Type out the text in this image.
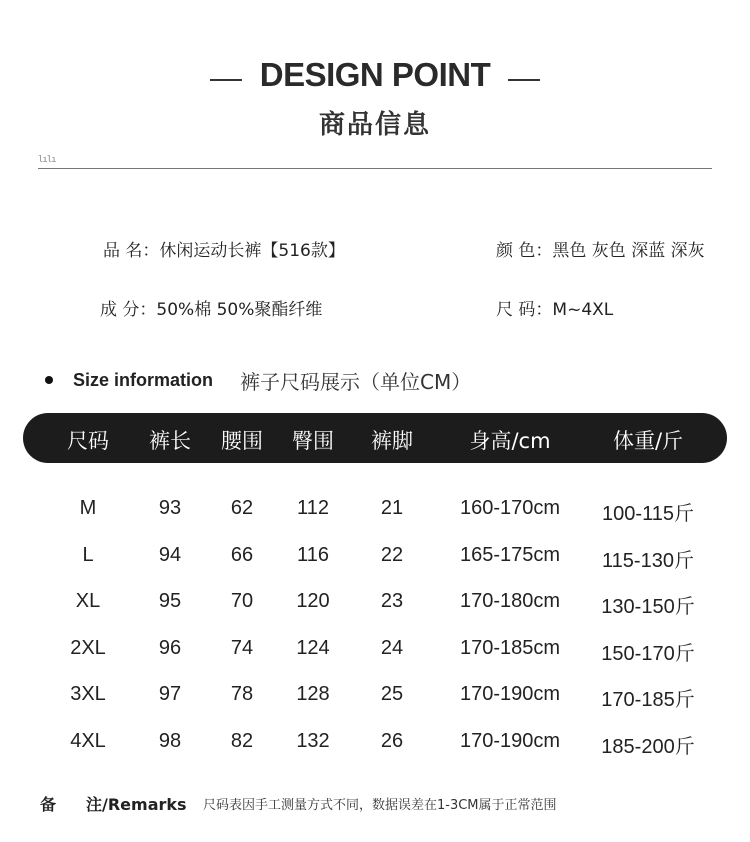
DESIGN POINT
商品信息
lılı
品 名：休闲运动长裤【516款】	颜 色：黑色 灰色 深蓝 深灰
成 分：50%棉 50%聚酯纤维	尺 码：M~4XL
Size information 裤子尺码展示（单位CM）
尺码 裤长 腰围 臀围 裤脚	身高/cm	体重/斤
M	93 62 112	21	160-170cm 100-115斤
L	94 66 116	22	165-175cm 115-130斤
XL	95 70 120	23	170-180cm 130-150斤
2XL	96 74 124	24	170-185cm 150-170斤
3XL	97 78 128	25	170-190cm 170-185斤
4XL	98 82 132	26	170-190cm 185-200斤
备 注/Remarks 尺码表因手工测量方式不同，数据误差在1-3CM属于正常范围
